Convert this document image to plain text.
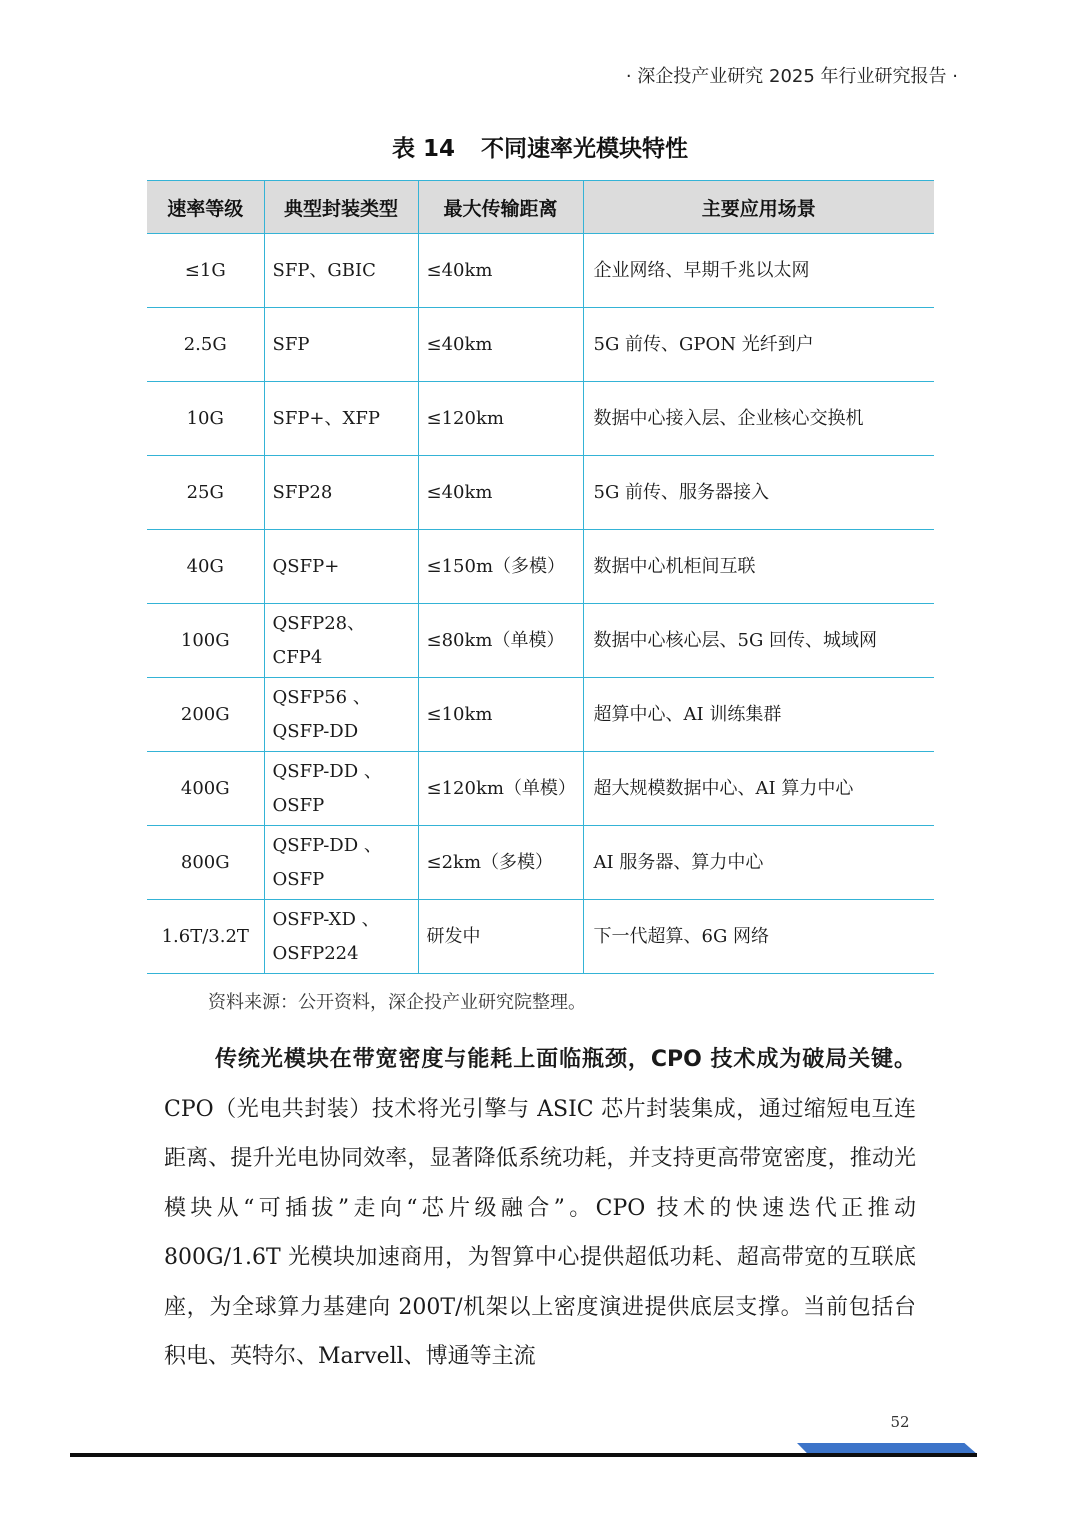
· 深企投产业研究 2025 年行业研究报告 ·
表 14 不同速率光模块特性
速率等级	典型封装类型	最大传输距离	主要应用场景
≤1G	SFP、GBIC	≤40km	企业网络、早期千兆以太网
2.5G	SFP	≤40km	5G 前传、GPON 光纤到户
10G	SFP+、XFP	≤120km	数据中心接入层、企业核心交换机
25G	SFP28	≤40km	5G 前传、服务器接入
40G	QSFP+	≤150m（多模）	数据中心机柜间互联
100G	QSFP28、CFP4	≤80km（单模）	数据中心核心层、5G 回传、城域网
200G	QSFP56 、 QSFP-DD	≤10km	超算中心、AI 训练集群
400G	QSFP-DD 、 OSFP	≤120km（单模）	超大规模数据中心、AI 算力中心
800G	QSFP-DD 、 OSFP	≤2km（多模）	AI 服务器、算力中心
1.6T/3.2T	OSFP-XD 、 OSFP224	研发中	下一代超算、6G 网络
资料来源：公开资料，深企投产业研究院整理。
传统光模块在带宽密度与能耗上面临瓶颈，CPO 技术成为破局关键。CPO（光电共封装）技术将光引擎与 ASIC 芯片封装集成，通过缩短电互连距离、提升光电协同效率，显著降低系统功耗，并支持更高带宽密度，推动光模块从“可插拔”走向“芯片级融合”。CPO 技术的快速迭代正推动 800G/1.6T 光模块加速商用，为智算中心提供超低功耗、超高带宽的互联底座，为全球算力基建向 200T/机架以上密度演进提供底层支撑。当前包括台积电、英特尔、Marvell、博通等主流
52
